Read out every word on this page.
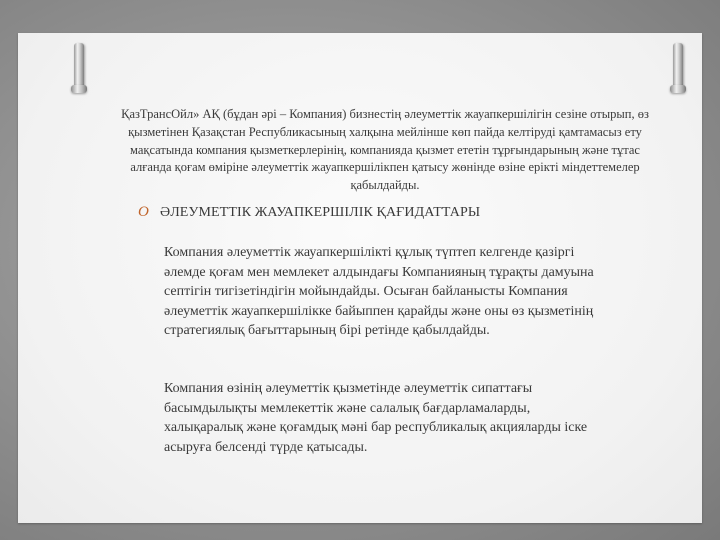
ҚазТрансОйл» АҚ (бұдан әрі – Компания) бизнестің әлеуметтік жауапкершілігін сезіне отырып, өз қызметінен Қазақстан Республикасының халқына мейлінше көп пайда келтіруді қамтамасыз ету мақсатында компания қызметкерлерінің, компанияда қызмет ететін тұрғындарының және тұтас алғанда қоғам өміріне әлеуметтік жауапкершілікпен қатысу жөнінде өзіне ерікті міндеттемелер қабылдайды.
O ӘЛЕУМЕТТІК ЖАУАПКЕРШІЛІК ҚАҒИДАТТАРЫ
Компания әлеуметтік жауапкершілікті құлық түптеп келгенде қазіргі әлемде қоғам мен мемлекет алдындағы Компанияның тұрақты дамуына септігін тигізетіндігін мойындайды. Осыған байланысты Компания әлеуметтік жауапкершілікке байыппен қарайды және оны өз қызметінің стратегиялық бағыттарының бірі ретінде қабылдайды.
Компания өзінің әлеуметтік қызметінде әлеуметтік сипаттағы басымдылықты мемлекеттік және салалық бағдарламаларды, халықаралық және қоғамдық мәні бар республикалық акцияларды іске асыруға белсенді түрде қатысады.
